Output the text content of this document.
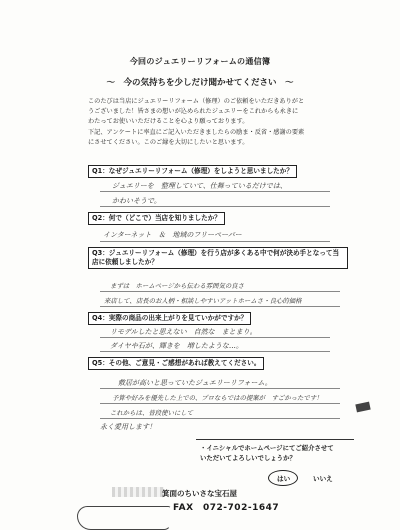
今回のジュエリーリフォームの通信簿
～　今の気持ちを少しだけ聞かせてください　～
このたびは当店にジュエリーリフォーム（修理）のご依頼をいただきありがと
うございました！皆さまの想いが込められたジュエリーをこれからも永きに
わたってお使いいただけることを心より願っております。
下記、アンケートに率直にご記入いただきましたらの励ま・反省・感謝の要素
にさせてください。このご縁を大切にしたいと思います。
Q1：なぜジュエリーリフォーム（修理）をしようと思いましたか？
ジュエリーを　整理していて、仕舞っているだけでは、
かわいそうで。
Q2：何で（どこで）当店を知りましたか？
インターネット　＆　地域のフリーペーパー
Q3：ジュエリーリフォーム（修理）を行う店が多くある中で何が決め手となって当店に依頼しましたか？
まずは　ホームページから伝わる雰囲気の良さ
来店して、店長のお人柄・相談しやすいアットホームさ・良心的価格
Q4：実際の商品の出来上がりを見ていかがですか？
リモデルしたと思えない　自然な　まとまり。
ダイヤや石が、輝きを　増したような…。
Q5：その他、ご意見・ご感想があれば教えてください。
敷居が高いと思っていたジュエリーリフォーム。
予算や好みを優先した上での、プロならではの提案が　すごかったです！
これからは、普段使いにして
永く愛用します！
・イニシャルでホームページにてご紹介させて
いただいてよろしいでしょうか？
はい	いいえ
箕面のちいさな宝石屋
FAX　072-702-1647
